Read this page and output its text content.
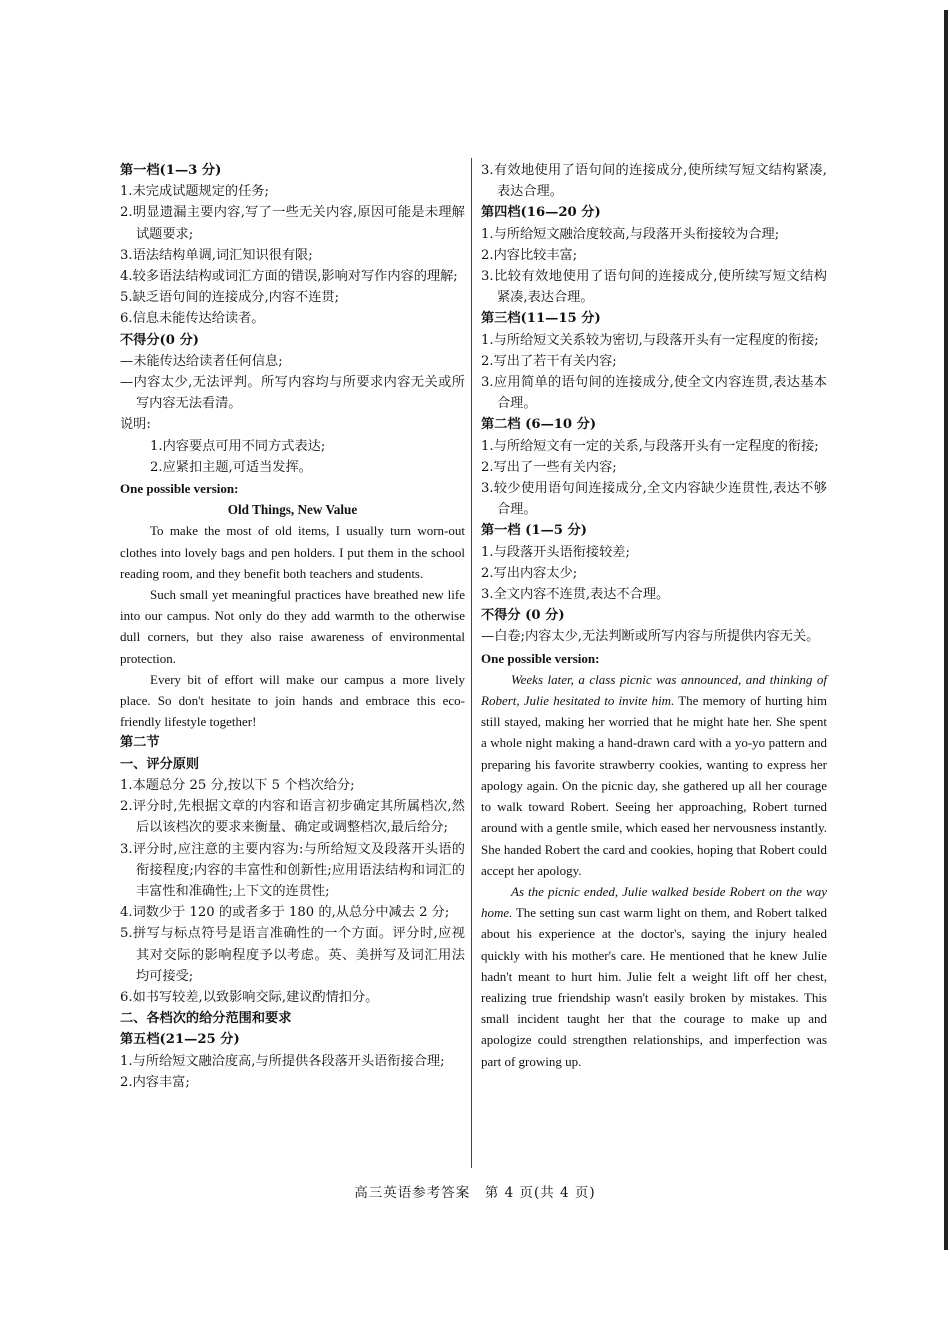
第一档(1—3 分)

1.未完成试题规定的任务;

2.明显遗漏主要内容,写了一些无关内容,原因可能是未理解试题要求;

3.语法结构单调,词汇知识很有限;

4.较多语法结构或词汇方面的错误,影响对写作内容的理解;

5.缺乏语句间的连接成分,内容不连贯;

6.信息未能传达给读者。

不得分(0 分)

—未能传达给读者任何信息;

—内容太少,无法评判。所写内容均与所要求内容无关或所写内容无法看清。

说明:

1.内容要点可用不同方式表达;

2.应紧扣主题,可适当发挥。

One possible version:

Old Things, New Value

To make the most of old items, I usually turn worn-out clothes into lovely bags and pen holders. I put them in the school reading room, and they benefit both teachers and students.

Such small yet meaningful practices have breathed new life into our campus. Not only do they add warmth to the otherwise dull corners, but they also raise awareness of environmental protection.

Every bit of effort will make our campus a more lively place. So don't hesitate to join hands and embrace this eco-friendly lifestyle together!

第二节

一、评分原则

1.本题总分 25 分,按以下 5 个档次给分;

2.评分时,先根据文章的内容和语言初步确定其所属档次,然后以该档次的要求来衡量、确定或调整档次,最后给分;

3.评分时,应注意的主要内容为:与所给短文及段落开头语的衔接程度;内容的丰富性和创新性;应用语法结构和词汇的丰富性和准确性;上下文的连贯性;

4.词数少于 120 的或者多于 180 的,从总分中减去 2 分;

5.拼写与标点符号是语言准确性的一个方面。评分时,应视其对交际的影响程度予以考虑。英、美拼写及词汇用法均可接受;

6.如书写较差,以致影响交际,建议酌情扣分。

二、各档次的给分范围和要求

第五档(21—25 分)

1.与所给短文融洽度高,与所提供各段落开头语衔接合理;

2.内容丰富;

3.有效地使用了语句间的连接成分,使所续写短文结构紧凑,表达合理。

第四档(16—20 分)

1.与所给短文融洽度较高,与段落开头衔接较为合理;

2.内容比较丰富;

3.比较有效地使用了语句间的连接成分,使所续写短文结构紧凑,表达合理。

第三档(11—15 分)

1.与所给短文关系较为密切,与段落开头有一定程度的衔接;

2.写出了若干有关内容;

3.应用简单的语句间的连接成分,使全文内容连贯,表达基本合理。

第二档 (6—10 分)

1.与所给短文有一定的关系,与段落开头有一定程度的衔接;

2.写出了一些有关内容;

3.较少使用语句间连接成分,全文内容缺少连贯性,表达不够合理。

第一档 (1—5 分)

1.与段落开头语衔接较差;

2.写出内容太少;

3.全文内容不连贯,表达不合理。

不得分 (0 分)

—白卷;内容太少,无法判断或所写内容与所提供内容无关。

One possible version:

Weeks later, a class picnic was announced, and thinking of Robert, Julie hesitated to invite him. The memory of hurting him still stayed, making her worried that he might hate her. She spent a whole night making a hand-drawn card with a yo-yo pattern and preparing his favorite strawberry cookies, wanting to express her apology again. On the picnic day, she gathered up all her courage to walk toward Robert. Seeing her approaching, Robert turned around with a gentle smile, which eased her nervousness instantly. She handed Robert the card and cookies, hoping that Robert could accept her apology.

As the picnic ended, Julie walked beside Robert on the way home. The setting sun cast warm light on them, and Robert talked about his experience at the doctor's, saying the injury healed quickly with his mother's care. He mentioned that he knew Julie hadn't meant to hurt him. Julie felt a weight lift off her chest, realizing true friendship wasn't easily broken by mistakes. This small incident taught her that the courage to make up and apologize could strengthen relationships, and imperfection was part of growing up.

高三英语参考答案　第 4 页(共 4 页)
